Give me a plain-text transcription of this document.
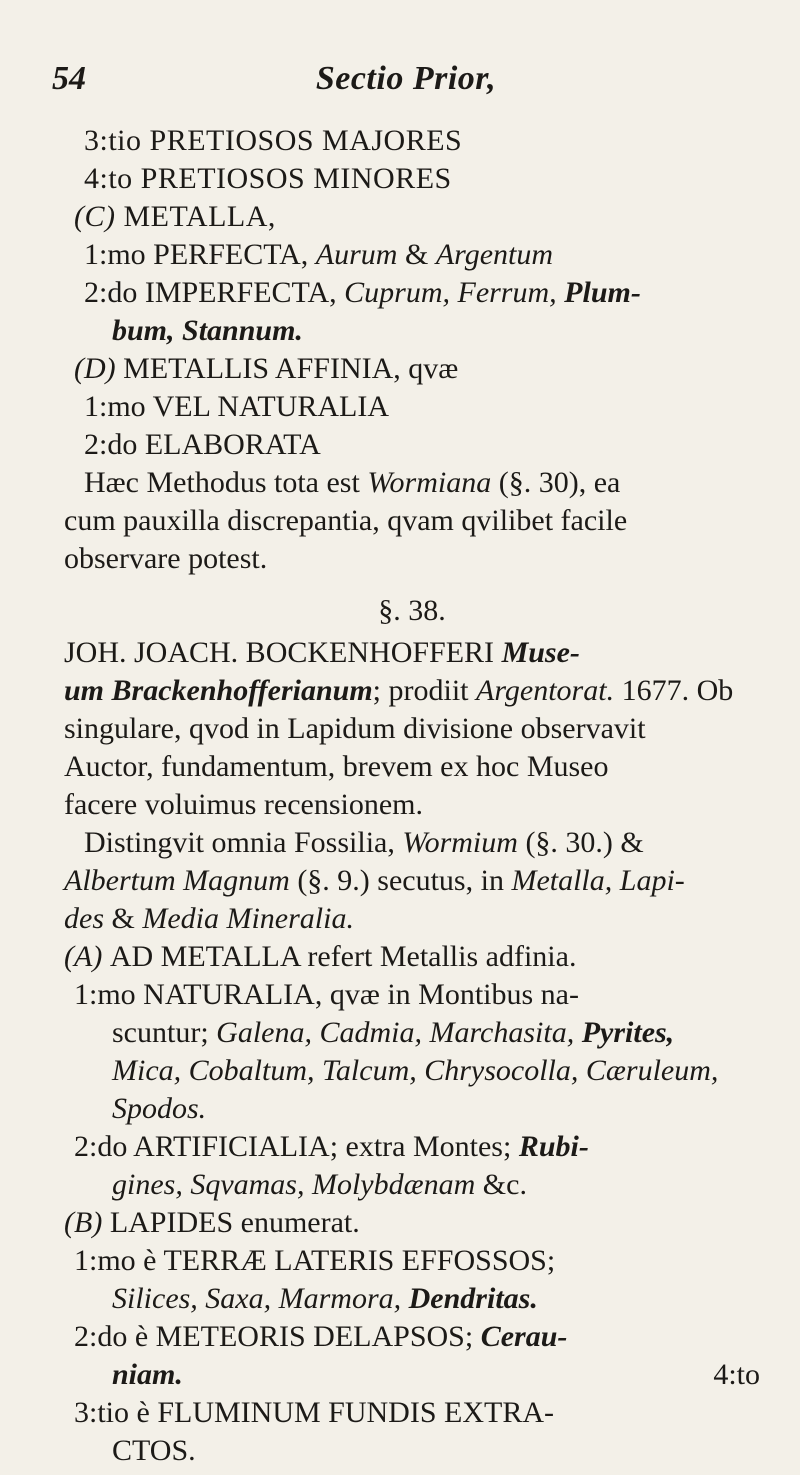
54	Sectio Prior,
3:tio PRETIOSOS MAJORES
4:to PRETIOSOS MINORES
(C) METALLA,
1:mo PERFECTA, Aurum & Argentum
2:do IMPERFECTA, Cuprum, Ferrum, Plum-
bum, Stannum.
(D) METALLIS AFFINIA, qvæ
1:mo VEL NATURALIA
2:do ELABORATA
Hæc Methodus tota est Wormiana (§. 30), ea
cum pauxilla discrepantia, qvam qvilibet facile
observare potest.
§. 38.
JOH. JOACH. BOCKENHOFFERI Muse-
um Brackenhofferianum; prodiit Argentorat. 1677. Ob
singulare, qvod in Lapidum divisione observavit
Auctor, fundamentum, brevem ex hoc Museo
facere voluimus recensionem.
Distingvit omnia Fossilia, Wormium (§. 30.) &
Albertum Magnum (§. 9.) secutus, in Metalla, Lapi-
des & Media Mineralia.
(A) AD METALLA refert Metallis adfinia.
1:mo NATURALIA, qvæ in Montibus na-
scuntur; Galena, Cadmia, Marchasita, Pyrites,
Mica, Cobaltum, Talcum, Chrysocolla, Cæruleum,
Spodos.
2:do ARTIFICIALIA; extra Montes; Rubi-
gines, Sqvamas, Molybdænam &c.
(B) LAPIDES enumerat.
1:mo è TERRÆ LATERIS EFFOSSOS;
Silices, Saxa, Marmora, Dendritas.
2:do è METEORIS DELAPSOS; Cerau-
niam.
3:tio è FLUMINUM FUNDIS EXTRA-
CTOS.
4:to
